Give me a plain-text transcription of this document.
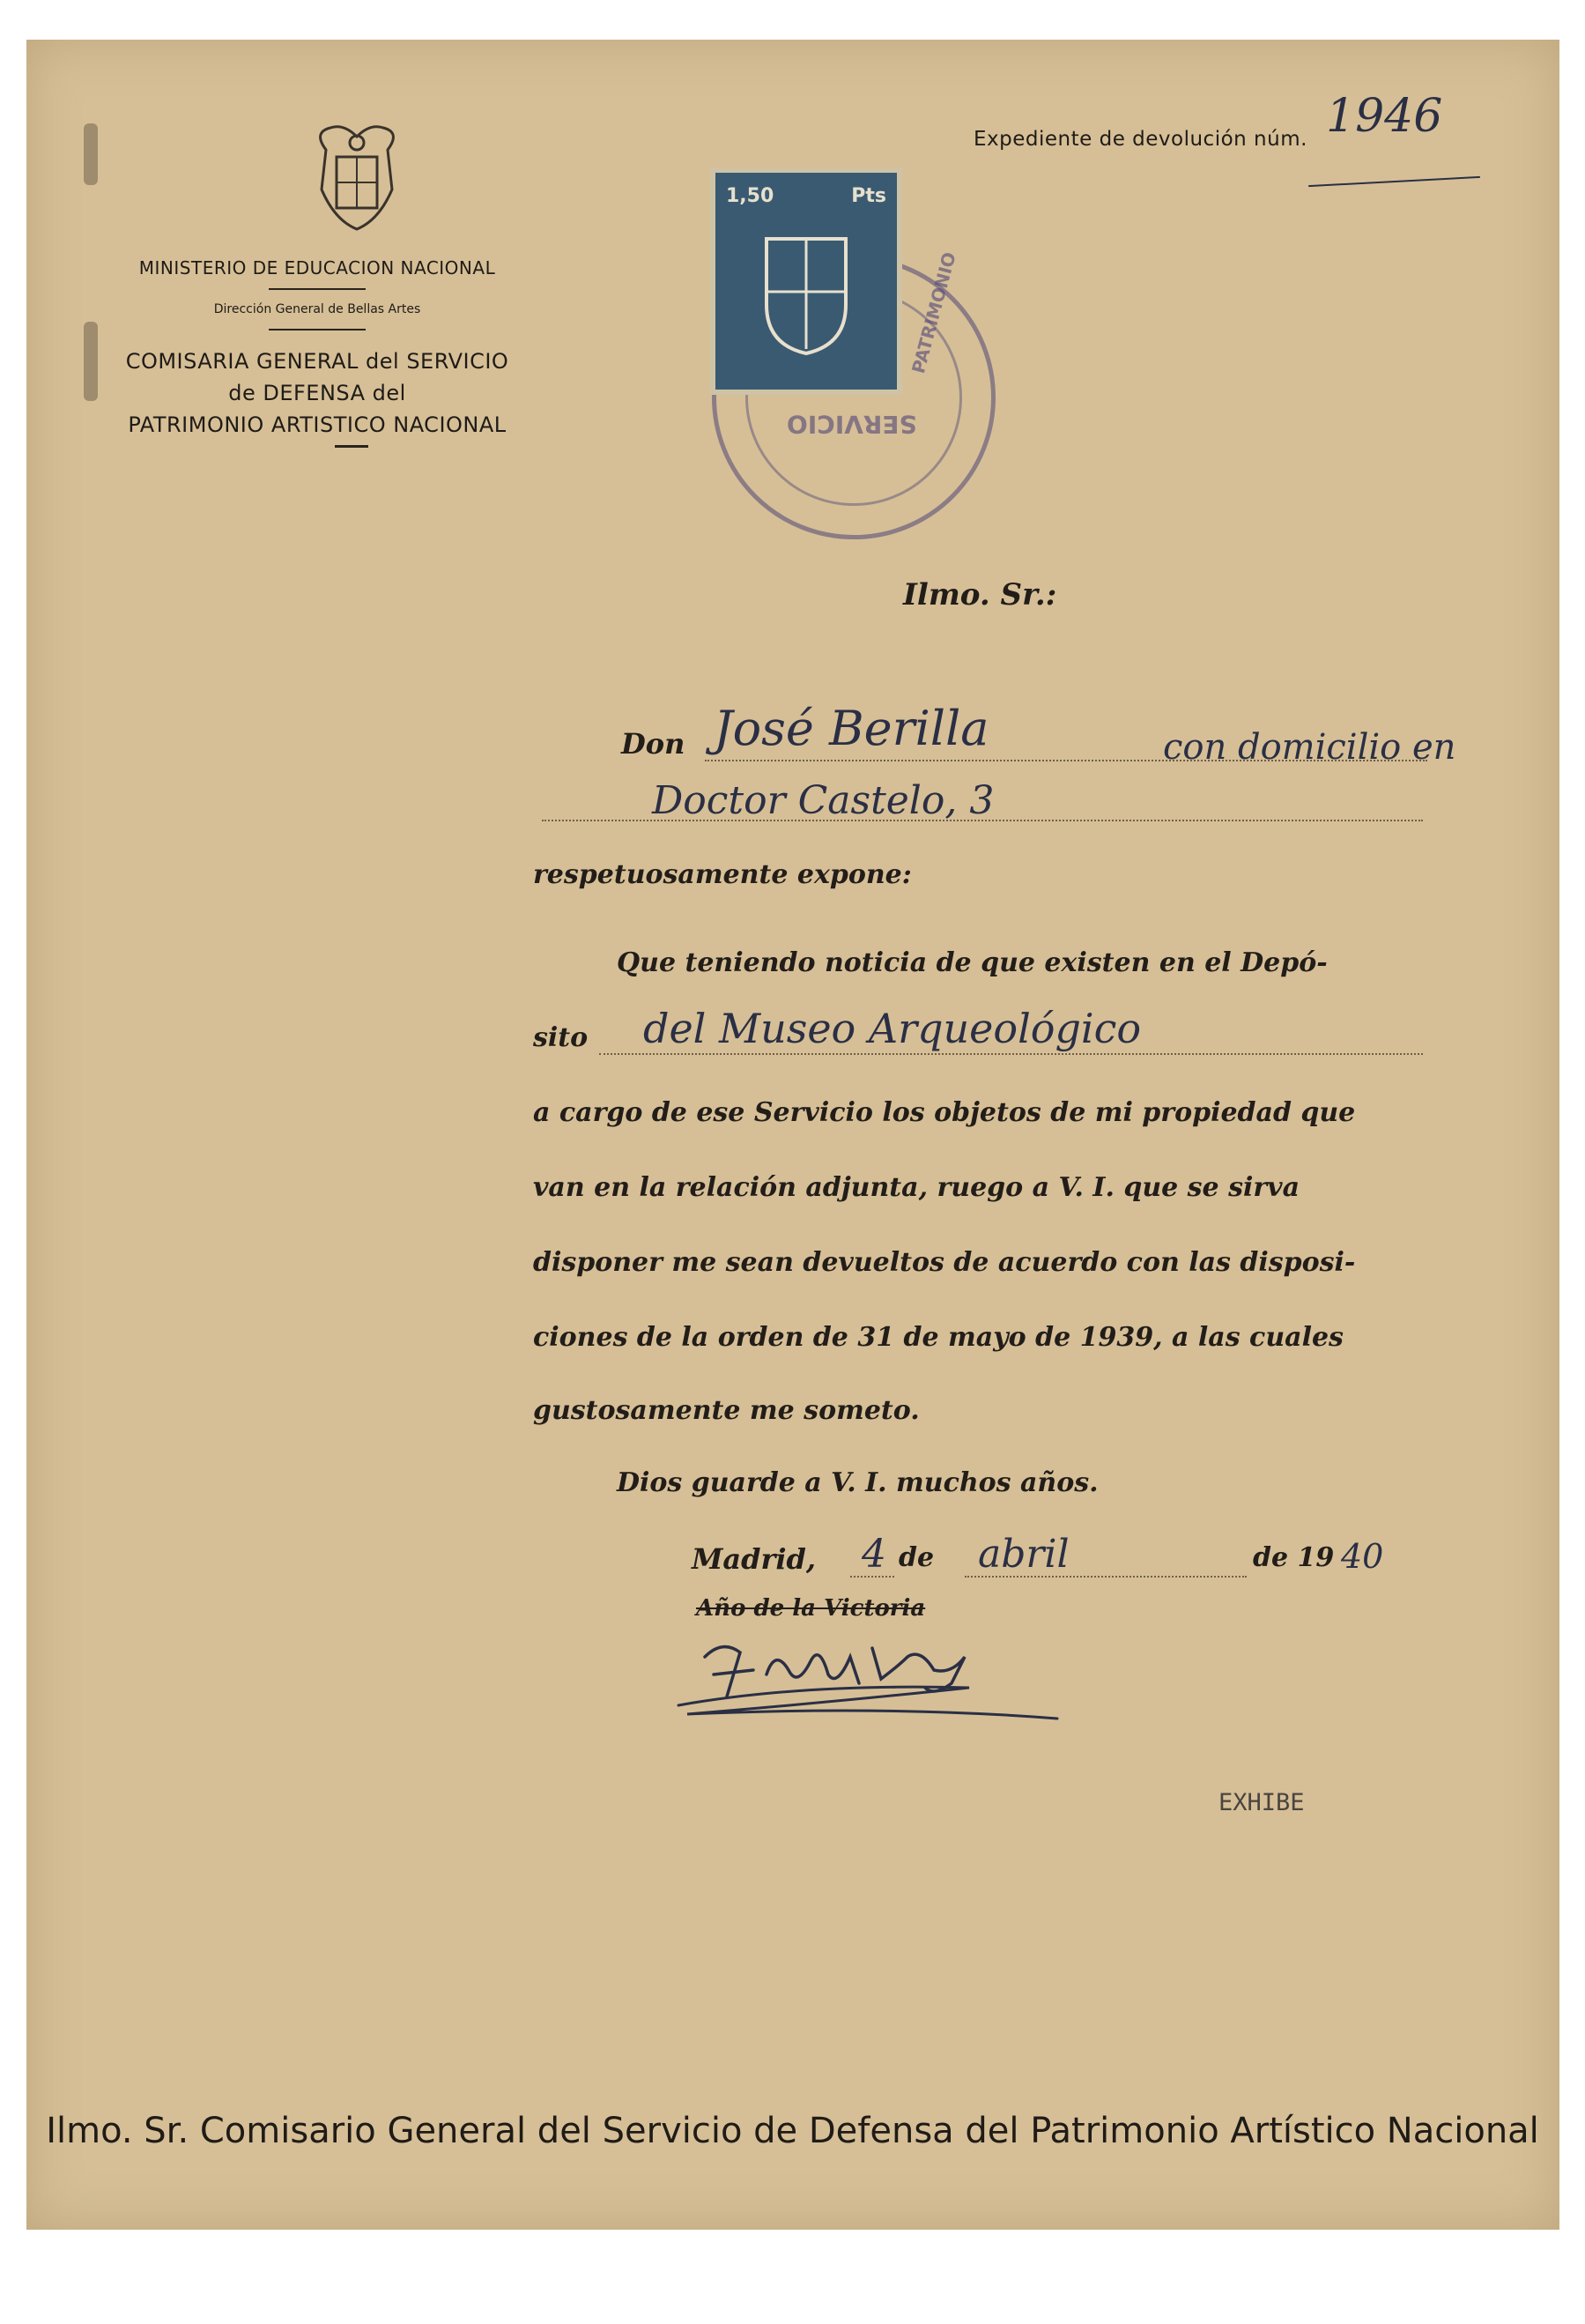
MINISTERIO DE EDUCACION NACIONAL
Dirección General de Bellas Artes
COMISARIA GENERAL del SERVICIO
de DEFENSA del
PATRIMONIO ARTISTICO NACIONAL
Expediente de devolución núm. 1946
SERVICIO
PATRIMONIO
1,50	Pts
Ilmo. Sr.:
Don José Berilla	con domicilio en
Doctor Castelo, 3
respetuosamente expone:
Que teniendo noticia de que existen en el Depó-
sito del Museo Arqueológico
a cargo de ese Servicio los objetos de mi propiedad que
van en la relación adjunta, ruego a V. I. que se sirva
disponer me sean devueltos de acuerdo con las disposi-
ciones de la orden de 31 de mayo de 1939, a las cuales
gustosamente me someto.
Dios guarde a V. I. muchos años.
Madrid, 4 de abril	de 19 40
Año de la Victoria
EXHIBE
Ilmo. Sr. Comisario General del Servicio de Defensa del Patrimonio Artístico Nacional
